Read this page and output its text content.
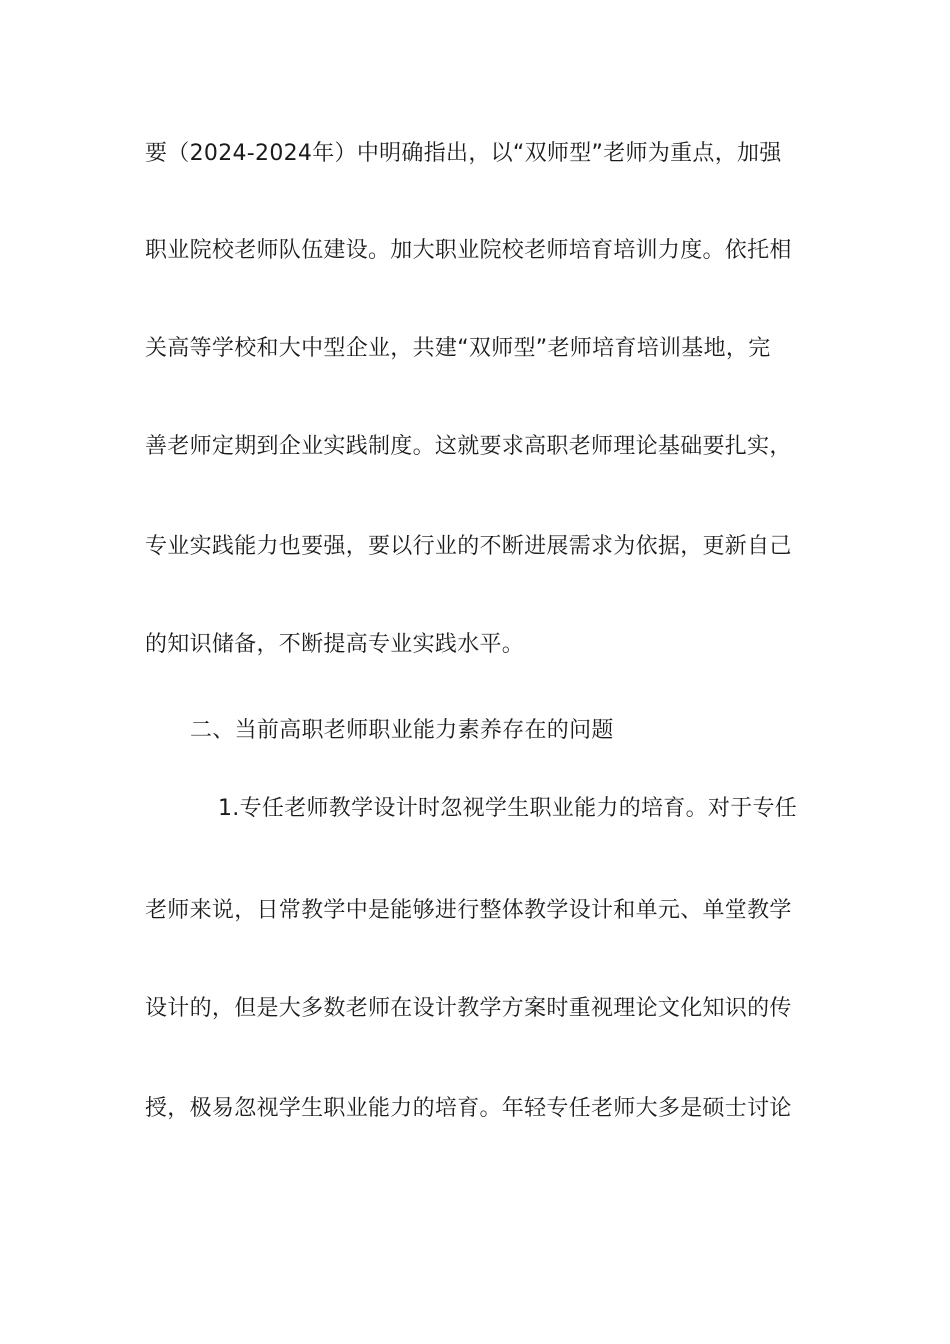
要（2024-2024年）中明确指出，以“双师型”老师为重点，加强
职业院校老师队伍建设。加大职业院校老师培育培训力度。依托相
关高等学校和大中型企业，共建“双师型”老师培育培训基地，完
善老师定期到企业实践制度。这就要求高职老师理论基础要扎实，
专业实践能力也要强，要以行业的不断进展需求为依据，更新自己
的知识储备，不断提高专业实践水平。
二、当前高职老师职业能力素养存在的问题
1.专任老师教学设计时忽视学生职业能力的培育。对于专任
老师来说，日常教学中是能够进行整体教学设计和单元、单堂教学
设计的，但是大多数老师在设计教学方案时重视理论文化知识的传
授，极易忽视学生职业能力的培育。年轻专任老师大多是硕士讨论
